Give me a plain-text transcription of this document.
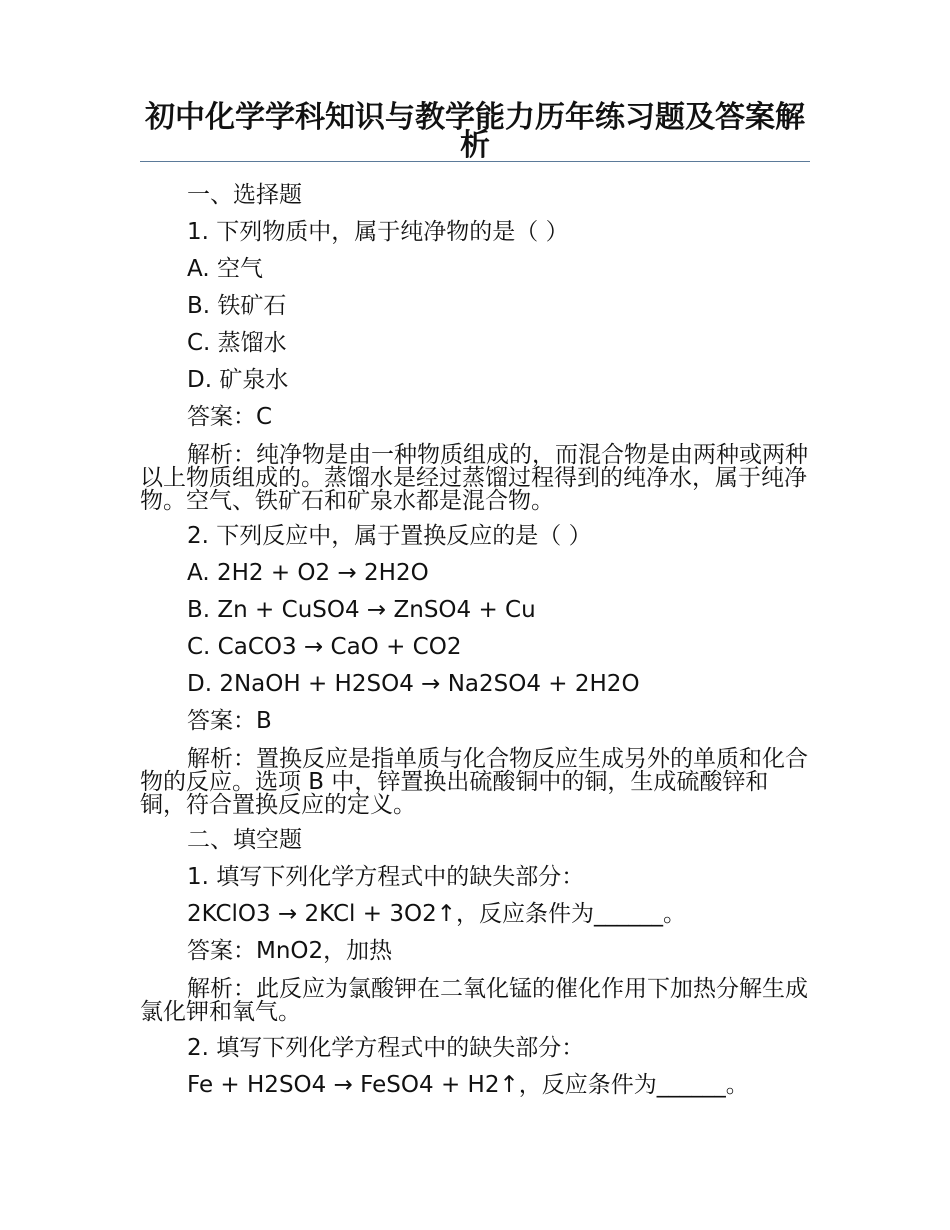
初中化学学科知识与教学能力历年练习题及答案解析
一、选择题
1. 下列物质中，属于纯净物的是（ ）
A. 空气
B. 铁矿石
C. 蒸馏水
D. 矿泉水
答案：C
解析：纯净物是由一种物质组成的，而混合物是由两种或两种以上物质组成的。蒸馏水是经过蒸馏过程得到的纯净水，属于纯净物。空气、铁矿石和矿泉水都是混合物。
2. 下列反应中，属于置换反应的是（ ）
A. 2H2 + O2 → 2H2O
B. Zn + CuSO4 → ZnSO4 + Cu
C. CaCO3 → CaO + CO2
D. 2NaOH + H2SO4 → Na2SO4 + 2H2O
答案：B
解析：置换反应是指单质与化合物反应生成另外的单质和化合物的反应。选项 B 中，锌置换出硫酸铜中的铜，生成硫酸锌和铜，符合置换反应的定义。
二、填空题
1. 填写下列化学方程式中的缺失部分：
2KClO3 → 2KCl + 3O2↑，反应条件为______。
答案：MnO2，加热
解析：此反应为氯酸钾在二氧化锰的催化作用下加热分解生成氯化钾和氧气。
2. 填写下列化学方程式中的缺失部分：
Fe + H2SO4 → FeSO4 + H2↑，反应条件为______。
